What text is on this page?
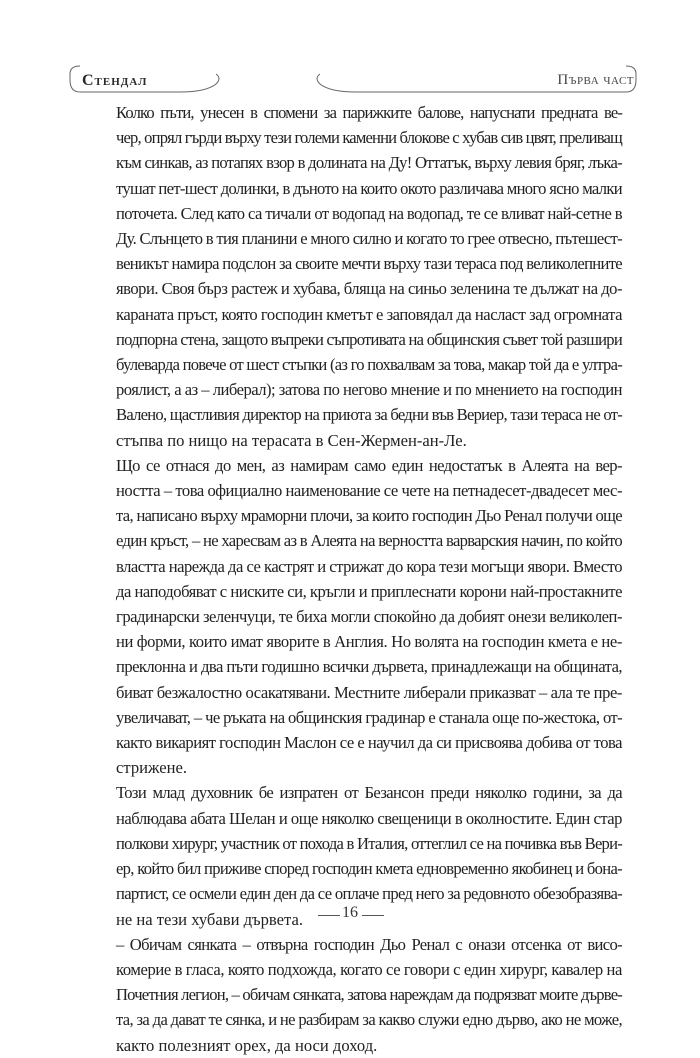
Стендал	Първа част

Колко пъти, унесен в спомени за парижките балове, напуснати предната ве-
чер, опрял гърди върху тези големи каменни блокове с хубав сив цвят, преливащ
към синкав, аз потапях взор в долината на Ду! Оттатък, върху левия бряг, лъка-
тушат пет-шест долинки, в дъното на които окото различава много ясно малки
поточета. След като са тичали от водопад на водопад, те се вливат най-сетне в
Ду. Слънцето в тия планини е много силно и когато то грее отвесно, пътешест-
веникът намира подслон за своите мечти върху тази тераса под великолепните
явори. Своя бърз растеж и хубава, бляща на синьо зеленина те дължат на до-
караната пръст, която господин кметът е заповядал да насласт зад огромната
подпорна стена, защото въпреки съпротивата на общинския съвет той разшири
булеварда повече от шест стъпки (аз го похвалвам за това, макар той да е ултра-
роялист, а аз – либерал); затова по негово мнение и по мнението на господин
Валено, щастливия директор на приюта за бедни във Вериер, тази тераса не от-
стъпва по нищо на терасата в Сен-Жермен-ан-Ле.

Що се отнася до мен, аз намирам само един недостатък в Алеята на вер-
ността – това официално наименование се чете на петнадесет-двадесет мес-
та, написано върху мраморни плочи, за които господин Дьо Ренал получи още
един кръст, – не харесвам аз в Алеята на верността варварския начин, по който
властта нарежда да се кастрят и стрижат до кора тези могъщи явори. Вместо
да наподобяват с ниските си, кръгли и приплеснати корони най-простакните
градинарски зеленчуци, те биха могли спокойно да добият онези великолеп-
ни форми, които имат яворите в Англия. Но волята на господин кмета е не-
преклонна и два пъти годишно всички дървета, принадлежащи на общината,
биват безжалостно осакатявани. Местните либерали приказват – ала те пре-
увеличават, – че ръката на общинския градинар е станала още по-жестока, от-
както викарият господин Маслон се е научил да си присвоява добива от това
стрижене.

Този млад духовник бе изпратен от Безансон преди няколко години, за да
наблюдава абата Шелан и още няколко свещеници в околностите. Един стар
полкови хирург, участник от похода в Италия, оттеглил се на почивка във Вери-
ер, който бил приживе според господин кмета едновременно якобинец и бона-
партист, се осмели един ден да се оплаче пред него за редовното обезобразява-
не на тези хубави дървета.

– Обичам сянката – отвърна господин Дьо Ренал с онази отсенка от висо-
комерие в гласа, която подхожда, когато се говори с един хирург, кавалер на
Почетния легион, – обичам сянката, затова нареждам да подрязват моите дърве-
та, за да дават те сянка, и не разбирам за какво служи едно дърво, ако не може,
както полезният орех, да носи доход.

16
